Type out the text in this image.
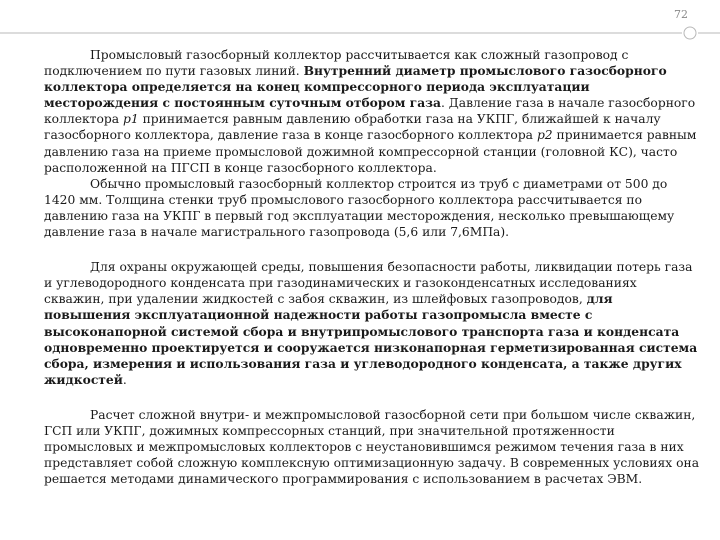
72

Промысловый газосборный коллектор рассчитывается как сложный газопровод с подключением по пути газовых линий. Внутренний диаметр промыслового газосборного коллектора определяется на конец компрессорного периода эксплуатации месторождения с постоянным суточным отбором газа. Давление газа в начале газосборного коллектора р1 принимается равным давлению обработки газа на УКПГ, ближайшей к началу газосборного коллектора, давление газа в конце газосборного коллектора р2 принимается равным давлению газа на приеме промысловой дожимной компрессорной станции (головной КС), часто расположенной на ПГСП в конце газосборного коллектора.

Обычно промысловый газосборный коллектор строится из труб с диаметрами от 500 до 1420 мм. Толщина стенки труб промыслового газосборного коллектора рассчитывается по давлению газа на УКПГ в первый год эксплуатации месторождения, несколько превышающему давление газа в начале магистрального газопровода (5,6 или 7,6МПа).

Для охраны окружающей среды, повышения безопасности работы, ликвидации потерь газа и углеводородного конденсата при газодинамических и газоконденсатных исследованиях скважин, при удалении жидкостей с забоя скважин, из шлейфовых газопроводов, для повышения эксплуатационной надежности работы газопромысла вместе с высоконапорной системой сбора и внутрипромыслового транспорта газа и конденсата одновременно проектируется и сооружается низконапорная герметизированная система сбора, измерения и использования газа и углеводородного конденсата, а также других жидкостей.

Расчет сложной внутри- и межпромысловой газосборной сети при большом числе скважин, ГСП или УКПГ, дожимных компрессорных станций, при значительной протяженности промысловых и межпромысловых коллекторов с неустановившимся режимом течения газа в них представляет собой сложную комплексную оптимизационную задачу. В современных условиях она решается методами динамического программирования с использованием в расчетах ЭВМ.
